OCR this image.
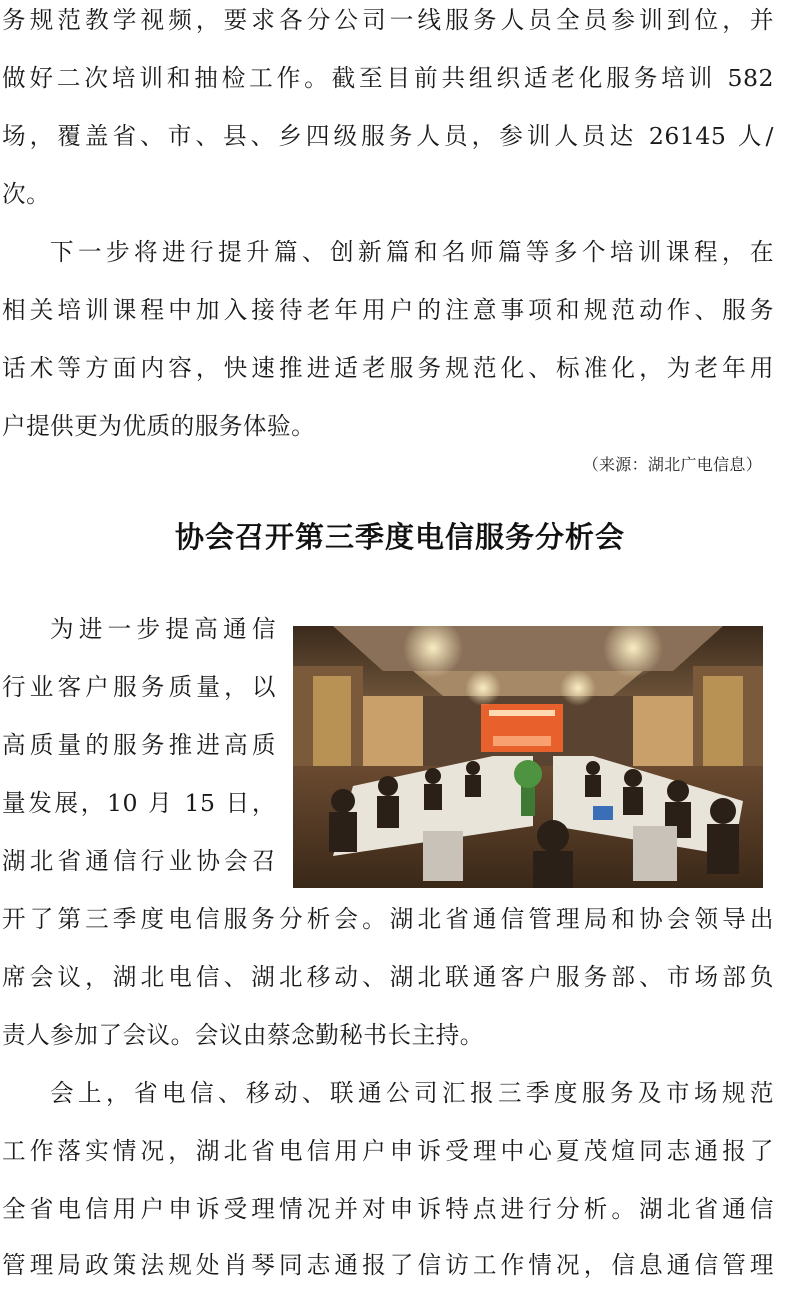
务规范教学视频，要求各分公司一线服务人员全员参训到位，并
做好二次培训和抽检工作。截至目前共组织适老化服务培训 582
场，覆盖省、市、县、乡四级服务人员，参训人员达 26145 人/
次。
下一步将进行提升篇、创新篇和名师篇等多个培训课程，在
相关培训课程中加入接待老年用户的注意事项和规范动作、服务
话术等方面内容，快速推进适老服务规范化、标准化，为老年用
户提供更为优质的服务体验。
（来源：湖北广电信息）
协会召开第三季度电信服务分析会
为进一步提高通信
行业客户服务质量，以
高质量的服务推进高质
量发展，10 月 15 日，
湖北省通信行业协会召
开了第三季度电信服务分析会。湖北省通信管理局和协会领导出
席会议，湖北电信、湖北移动、湖北联通客户服务部、市场部负
责人参加了会议。会议由蔡念勤秘书长主持。
会上，省电信、移动、联通公司汇报三季度服务及市场规范
工作落实情况，湖北省电信用户申诉受理中心夏茂煊同志通报了
全省电信用户申诉受理情况并对申诉特点进行分析。湖北省通信
管理局政策法规处肖琴同志通报了信访工作情况，信息通信管理
